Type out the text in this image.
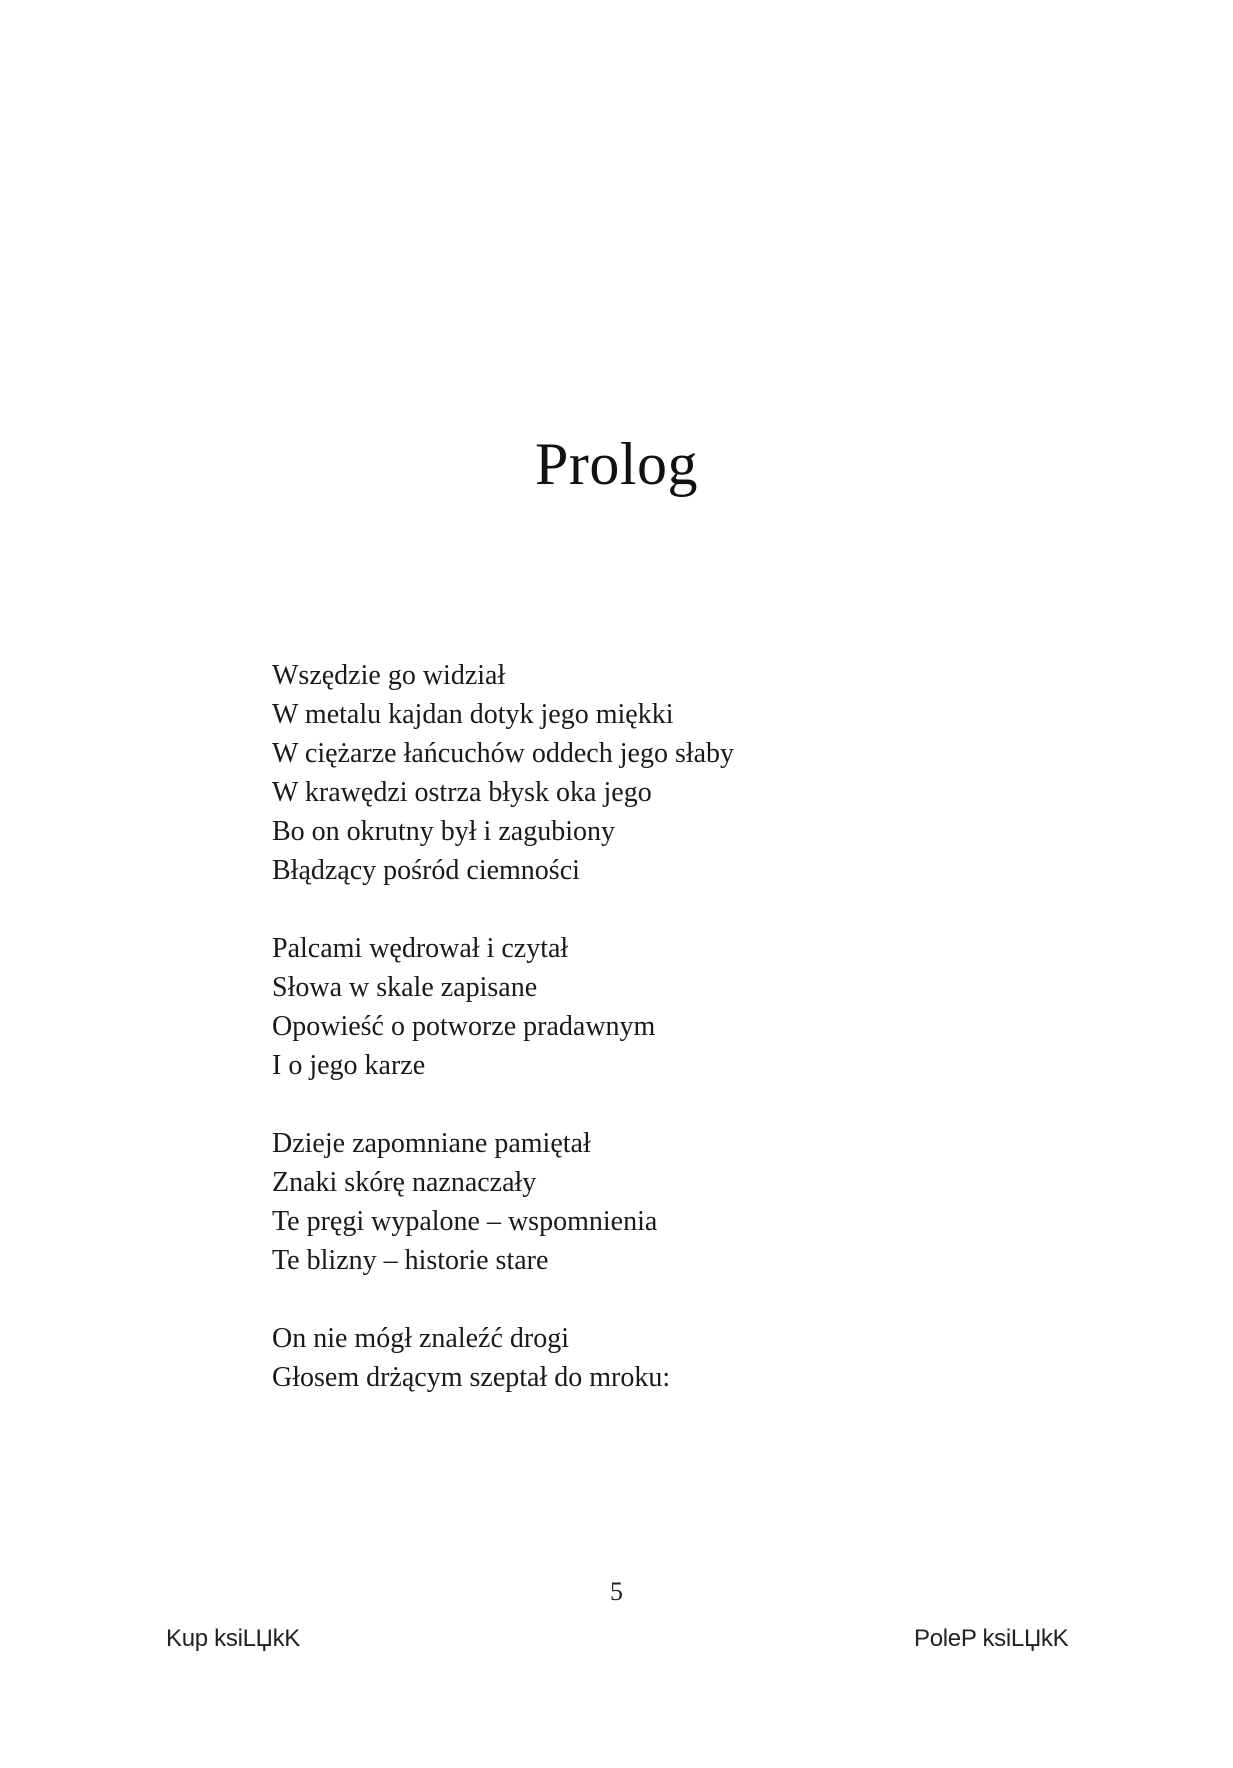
Prolog
Wszędzie go widział
W metalu kajdan dotyk jego miękki
W ciężarze łańcuchów oddech jego słaby
W krawędzi ostrza błysk oka jego
Bo on okrutny był i zagubiony
Błądzący pośród ciemności
Palcami wędrował i czytał
Słowa w skale zapisane
Opowieść o potworze pradawnym
I o jego karze
Dzieje zapomniane pamiętał
Znaki skórę naznaczały
Te pręgi wypalone – wspomnienia
Te blizny – historie stare
On nie mógł znaleźć drogi
Głosem drżącym szeptał do mroku:
5
Kup ksiLЏkK	PoleP ksiLЏkK
